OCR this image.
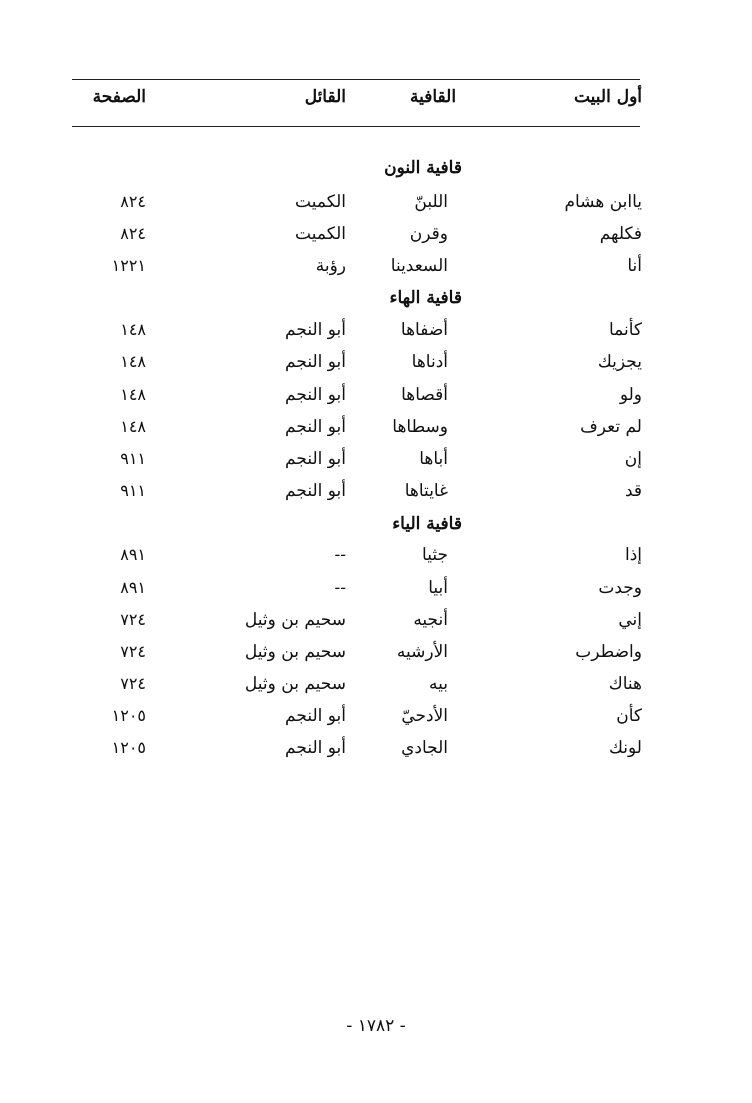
أول البيت
القافية
القائل
الصفحة
قافية النون
ياابن هشام
اللبنّ
الكميت
٨٢٤
فكلهم
وقرن
الكميت
٨٢٤
أنا
السعدينا
رؤبة
١٢٢١
قافية الهاء
كأنما
أضفاها
أبو النجم
١٤٨
يجزيك
أدناها
أبو النجم
١٤٨
ولو
أقصاها
أبو النجم
١٤٨
لم تعرف
وسطاها
أبو النجم
١٤٨
إن
أباها
أبو النجم
٩١١
قد
غايتاها
أبو النجم
٩١١
قافية الياء
إذا
جثيا
--
٨٩١
وجدت
أبيا
--
٨٩١
إني
أنجيه
سحيم بن وثيل
٧٢٤
واضطرب
الأرشيه
سحيم بن وثيل
٧٢٤
هناك
بيه
سحيم بن وثيل
٧٢٤
كأن
الأدحيّ
أبو النجم
١٢٠٥
لونك
الجادي
أبو النجم
١٢٠٥
- ١٧٨٢ -
